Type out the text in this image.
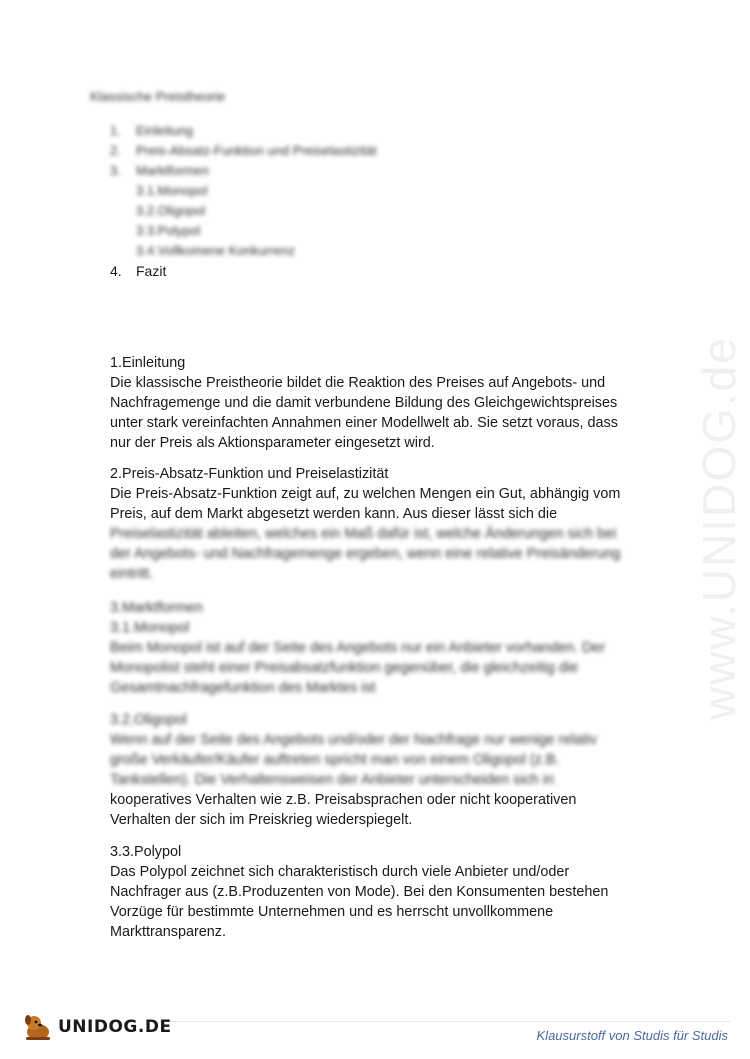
www.UNIDOG.de
Klassische Preistheorie
1.	Einleitung
2.	Preis-Absatz-Funktion und Preiselastizität
3.	Marktformen
3.1.Monopol
3.2.Oligopol
3.3.Polypol
3.4.Vollkomene Konkurrenz
4.	Fazit
1.Einleitung
Die klassische Preistheorie bildet die Reaktion des Preises auf Angebots- und
Nachfragemenge und die damit verbundene Bildung des Gleichgewichtspreises
unter stark vereinfachten Annahmen einer Modellwelt ab. Sie setzt voraus, dass
nur der Preis als Aktionsparameter eingesetzt wird.
2.Preis-Absatz-Funktion und Preiselastizität
Die Preis-Absatz-Funktion zeigt auf, zu welchen Mengen ein Gut, abhängig vom
Preis, auf dem Markt abgesetzt werden kann. Aus dieser lässt sich die
Preiselastizität ableiten, welches ein Maß dafür ist, welche Änderungen sich bei
der Angebots- und Nachfragemenge ergeben, wenn eine relative Preisänderung
eintritt.
3.Marktformen
3.1.Monopol
Beim Monopol ist auf der Seite des Angebots nur ein Anbieter vorhanden. Der
Monopolist steht einer Preisabsatzfunktion gegenüber, die gleichzeitig die
Gesamtnachfragefunktion des Marktes ist
3.2.Oligopol
Wenn auf der Seite des Angebots und/oder der Nachfrage nur wenige relativ
große Verkäufer/Käufer auftreten spricht man von einem Oligopol (z.B.
Tankstellen). Die Verhaltensweisen der Anbieter unterscheiden sich in
kooperatives Verhalten wie z.B. Preisabsprachen oder nicht kooperativen
Verhalten der sich im Preiskrieg wiederspiegelt.
3.3.Polypol
Das Polypol zeichnet sich charakteristisch durch viele Anbieter und/oder
Nachfrager aus (z.B.Produzenten von Mode). Bei den Konsumenten bestehen
Vorzüge für bestimmte Unternehmen und es herrscht unvollkommene
Markttransparenz.
UNIDOG.DE	Klausurstoff von Studis für Studis
